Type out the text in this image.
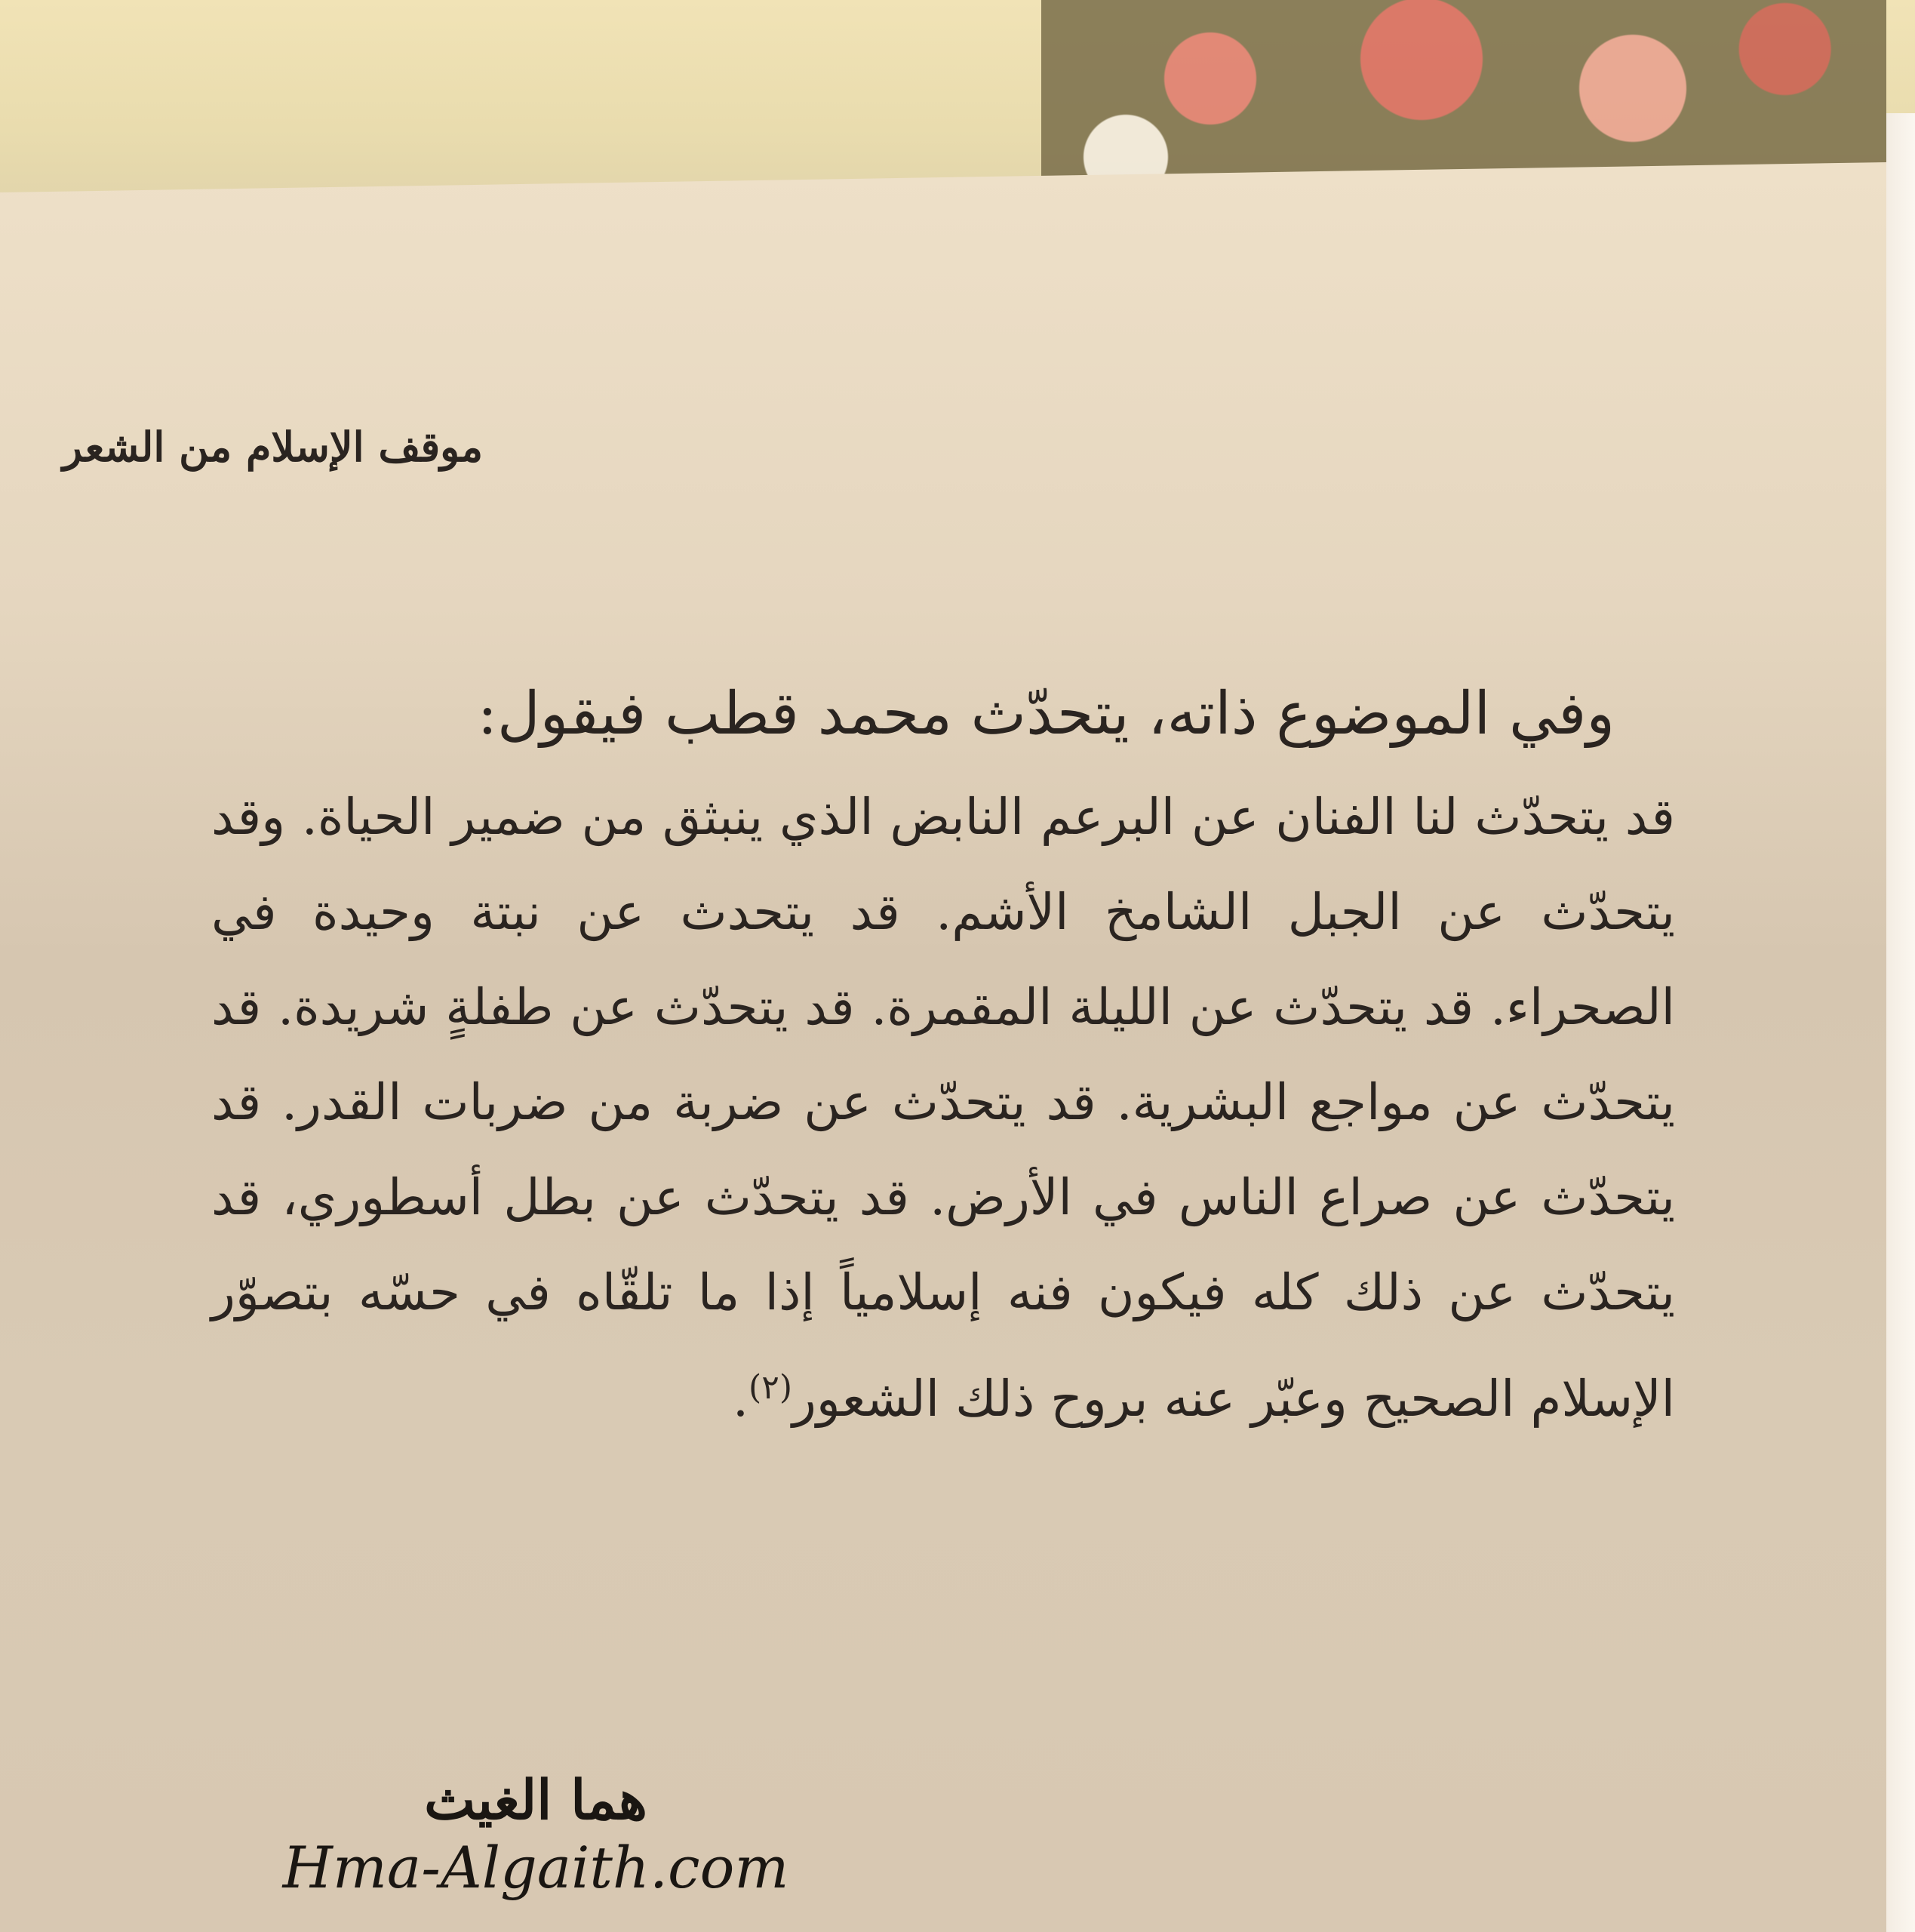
موقف الإسلام من الشعر

وفي الموضوع ذاته، يتحدّث محمد قطب فيقول:

قد يتحدّث لنا الفنان عن البرعم النابض الذي ينبثق من ضمير الحياة. وقد يتحدّث عن الجبل الشامخ الأشم. قد يتحدث عن نبتة وحيدة في الصحراء. قد يتحدّث عن الليلة المقمرة. قد يتحدّث عن طفلةٍ شريدة. قد يتحدّث عن مواجع البشرية. قد يتحدّث عن ضربة من ضربات القدر. قد يتحدّث عن صراع الناس في الأرض. قد يتحدّث عن بطل أسطوري، قد يتحدّث عن ذلك كله فيكون فنه إسلامياً إذا ما تلقّاه في حسّه بتصوّر الإسلام الصحيح وعبّر عنه بروح ذلك الشعور$^{(٢)}$.

هما الغيث
Hma-Algaith.com
